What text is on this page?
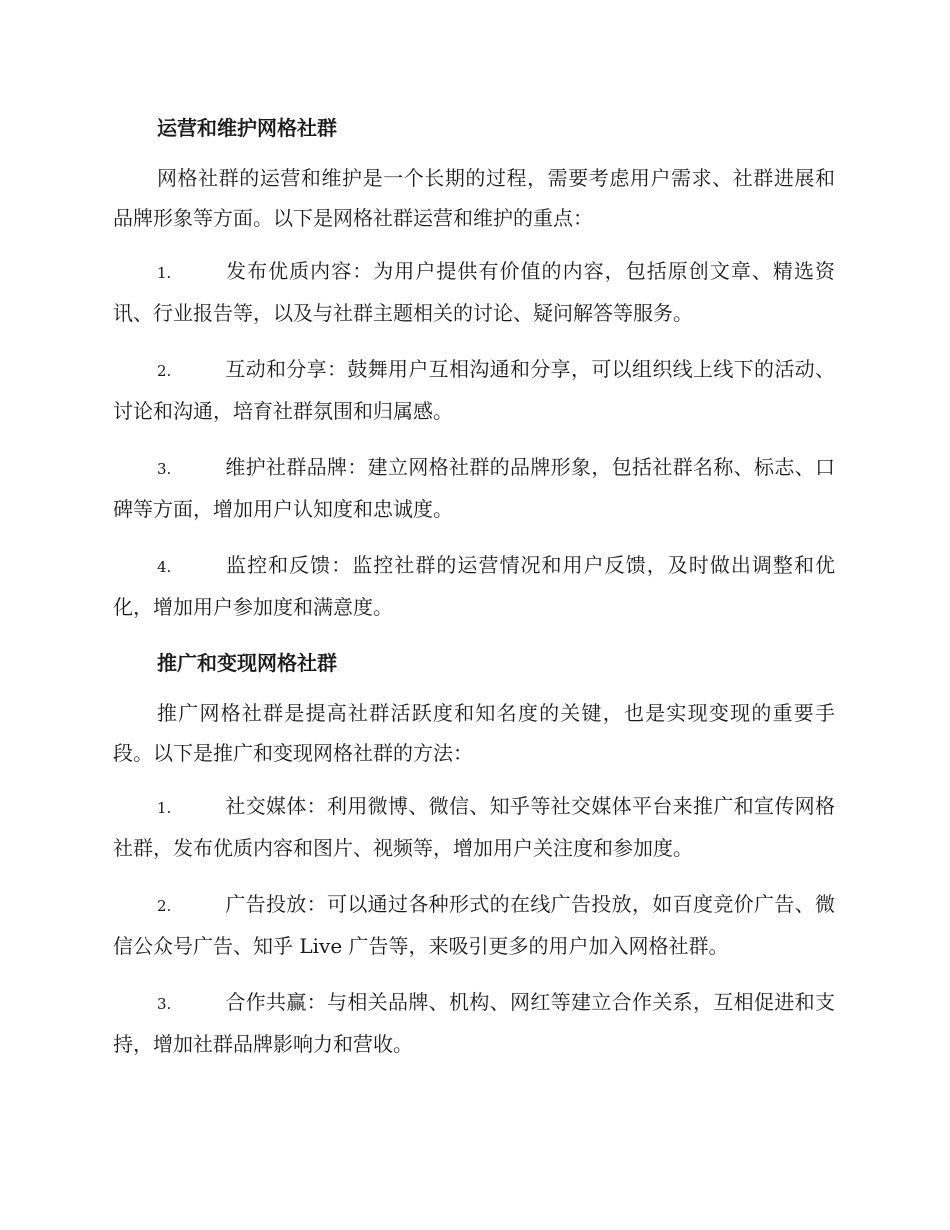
运营和维护网格社群

网格社群的运营和维护是一个长期的过程，需要考虑用户需求、社群进展和品牌形象等方面。以下是网格社群运营和维护的重点：

1.	发布优质内容：为用户提供有价值的内容，包括原创文章、精选资讯、行业报告等，以及与社群主题相关的讨论、疑问解答等服务。
2.	互动和分享：鼓舞用户互相沟通和分享，可以组织线上线下的活动、讨论和沟通，培育社群氛围和归属感。
3.	维护社群品牌：建立网格社群的品牌形象，包括社群名称、标志、口碑等方面，增加用户认知度和忠诚度。
4.	监控和反馈：监控社群的运营情况和用户反馈，及时做出调整和优化，增加用户参加度和满意度。
推广和变现网格社群

推广网格社群是提高社群活跃度和知名度的关键，也是实现变现的重要手段。以下是推广和变现网格社群的方法：

1.	社交媒体：利用微博、微信、知乎等社交媒体平台来推广和宣传网格社群，发布优质内容和图片、视频等，增加用户关注度和参加度。
2.	广告投放：可以通过各种形式的在线广告投放，如百度竞价广告、微信公众号广告、知乎 Live 广告等，来吸引更多的用户加入网格社群。
3.	合作共赢：与相关品牌、机构、网红等建立合作关系，互相促进和支持，增加社群品牌影响力和营收。
